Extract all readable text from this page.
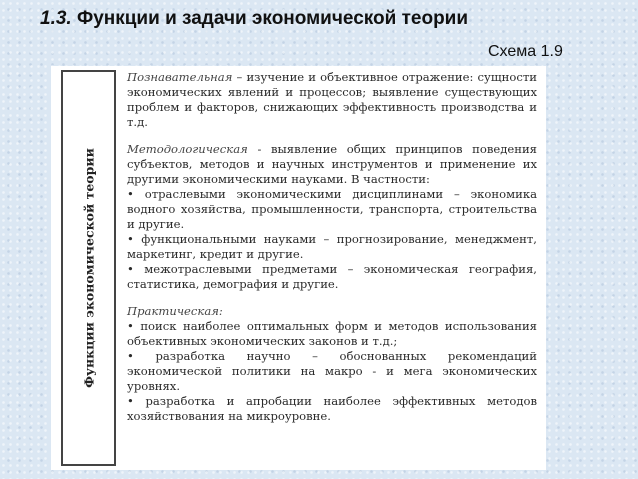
1.3. Функции и задачи экономической теории
Схема 1.9
Функции экономической теории

Познавательная – изучение и объективное отражение: сущности экономических явлений и процессов; выявление существующих проблем и факторов, снижающих эффективность производства и т.д.

Методологическая - выявление общих принципов поведения субъектов, методов и научных инструментов и применение их другими экономическими науками. В частности:

• отраслевыми экономическими дисциплинами – экономика водного хозяйства, промышленности, транспорта, строительства и другие.

• функциональными науками – прогнозирование, менеджмент, маркетинг, кредит и другие.

• межотраслевыми предметами – экономическая география, статистика, демография и другие.

Практическая:

• поиск наиболее оптимальных форм и методов использования объективных экономических законов и т.д.;

• разработка научно – обоснованных рекомендаций экономической политики на макро - и мега экономических уровнях.

• разработка и апробации наиболее эффективных методов хозяйствования на микроуровне.
